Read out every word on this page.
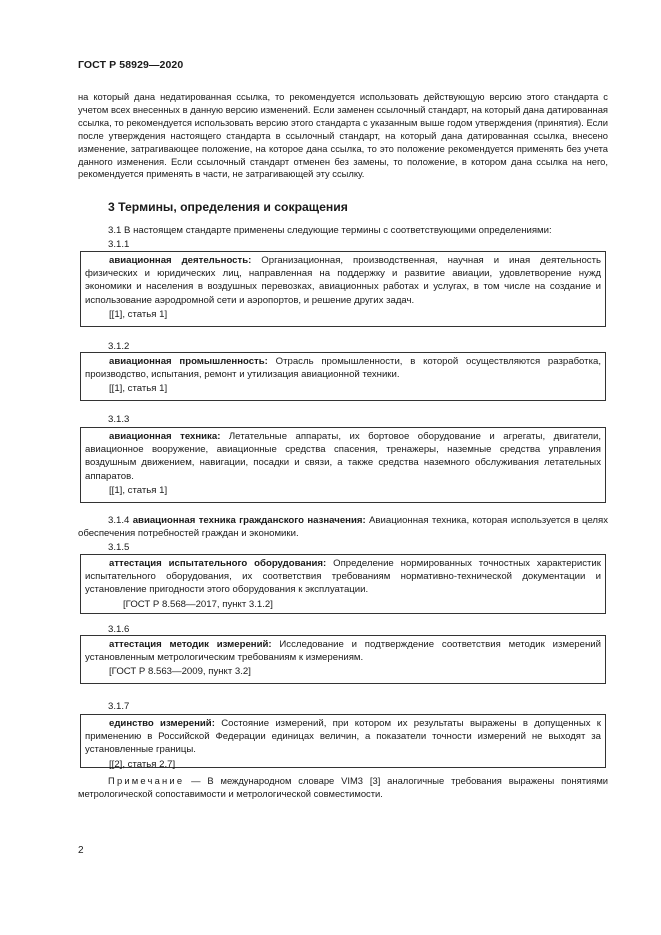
ГОСТ Р 58929—2020

на который дана недатированная ссылка, то рекомендуется использовать действующую версию этого стандарта с учетом всех внесенных в данную версию изменений. Если заменен ссылочный стандарт, на который дана датированная ссылка, то рекомендуется использовать версию этого стандарта с указанным выше годом утверждения (принятия). Если после утверждения настоящего стандарта в ссылочный стандарт, на который дана датированная ссылка, внесено изменение, затрагивающее положение, на которое дана ссылка, то это положение рекомендуется применять без учета данного изменения. Если ссылочный стандарт отменен без замены, то положение, в котором дана ссылка на него, рекомендуется применять в части, не затрагивающей эту ссылку.

3 Термины, определения и сокращения

3.1 В настоящем стандарте применены следующие термины с соответствующими определениями:

3.1.1

авиационная деятельность: Организационная, производственная, научная и иная деятельность физических и юридических лиц, направленная на поддержку и развитие авиации, удовлетворение нужд экономики и населения в воздушных перевозках, авиационных работах и услугах, в том числе на создание и использование аэродромной сети и аэропортов, и решение других задач.

[[1], статья 1]

3.1.2

авиационная промышленность: Отрасль промышленности, в которой осуществляются разработка, производство, испытания, ремонт и утилизация авиационной техники.

[[1], статья 1]

3.1.3

авиационная техника: Летательные аппараты, их бортовое оборудование и агрегаты, двигатели, авиационное вооружение, авиационные средства спасения, тренажеры, наземные средства управления воздушным движением, навигации, посадки и связи, а также средства наземного обслуживания летательных аппаратов.

[[1], статья 1]

3.1.4 авиационная техника гражданского назначения: Авиационная техника, которая используется в целях обеспечения потребностей граждан и экономики.

3.1.5

аттестация испытательного оборудования: Определение нормированных точностных характеристик испытательного оборудования, их соответствия требованиям нормативно-технической документации и установление пригодности этого оборудования к эксплуатации.

[ГОСТ Р 8.568—2017, пункт 3.1.2]

3.1.6

аттестация методик измерений: Исследование и подтверждение соответствия методик измерений установленным метрологическим требованиям к измерениям.

[ГОСТ Р 8.563—2009, пункт 3.2]

3.1.7

единство измерений: Состояние измерений, при котором их результаты выражены в допущенных к применению в Российской Федерации единицах величин, а показатели точности измерений не выходят за установленные границы.

[[2], статья 2.7]

Примечание — В международном словаре VIM3 [3] аналогичные требования выражены понятиями метрологической сопоставимости и метрологической совместимости.

2
